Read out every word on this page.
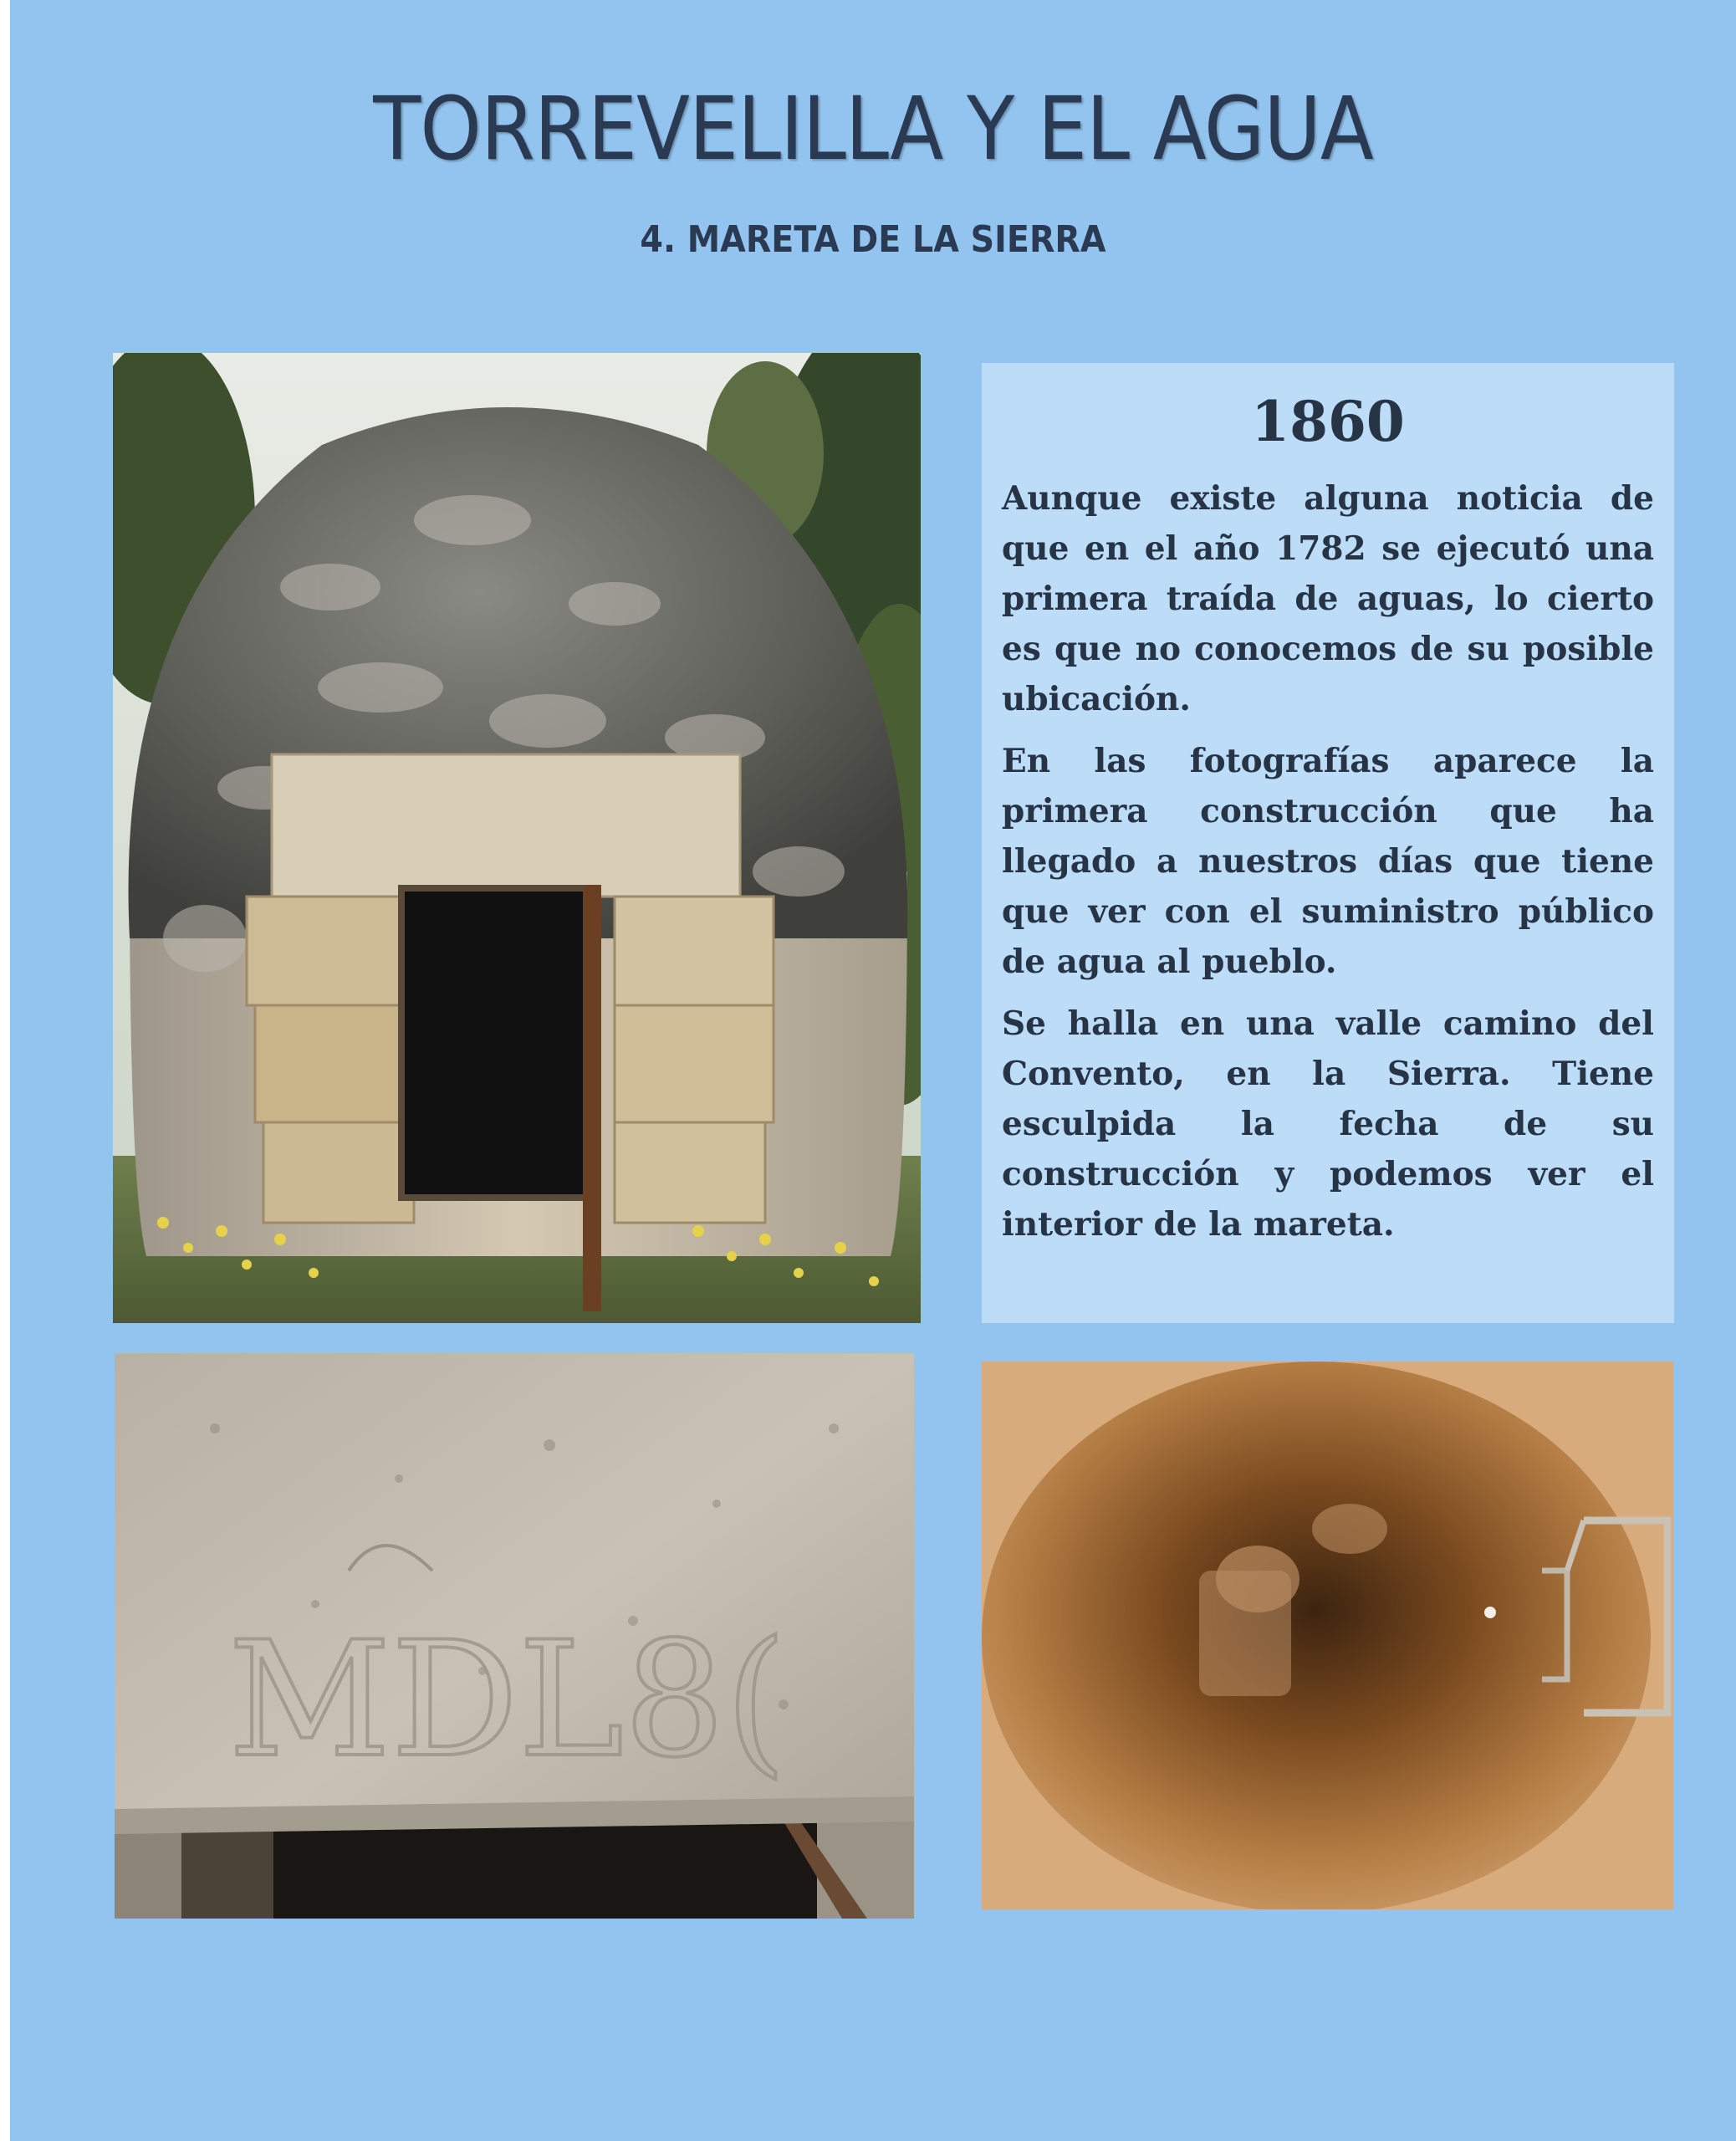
TORREVELILLA Y EL AGUA
4. MARETA DE LA SIERRA
1860

Aunque existe alguna noticia de que en el año 1782 se ejecutó una primera traída de aguas, lo cierto es que no conocemos de su posible ubicación.

En las fotografías aparece la primera construcción que ha llegado a nuestros días que tiene que ver con el suministro público de agua al pueblo.

Se halla en una valle camino del Convento, en la Sierra. Tiene esculpida la fecha de su construcción y podemos ver el interior de la mareta.

MDL8(
